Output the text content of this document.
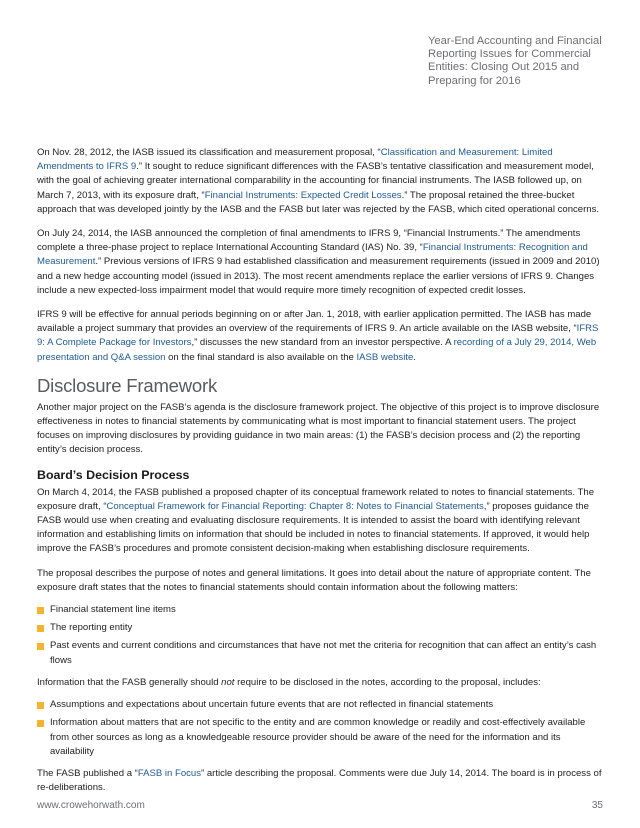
Year-End Accounting and Financial Reporting Issues for Commercial Entities: Closing Out 2015 and Preparing for 2016

On Nov. 28, 2012, the IASB issued its classification and measurement proposal, “Classification and Measurement: Limited Amendments to IFRS 9.” It sought to reduce significant differences with the FASB’s tentative classification and measurement model, with the goal of achieving greater international comparability in the accounting for financial instruments. The IASB followed up, on March 7, 2013, with its exposure draft, “Financial Instruments: Expected Credit Losses.” The proposal retained the three-bucket approach that was developed jointly by the IASB and the FASB but later was rejected by the FASB, which cited operational concerns.

On July 24, 2014, the IASB announced the completion of final amendments to IFRS 9, “Financial Instruments.” The amendments complete a three-phase project to replace International Accounting Standard (IAS) No. 39, “Financial Instruments: Recognition and Measurement.” Previous versions of IFRS 9 had established classification and measurement requirements (issued in 2009 and 2010) and a new hedge accounting model (issued in 2013). The most recent amendments replace the earlier versions of IFRS 9. Changes include a new expected-loss impairment model that would require more timely recognition of expected credit losses.

IFRS 9 will be effective for annual periods beginning on or after Jan. 1, 2018, with earlier application permitted. The IASB has made available a project summary that provides an overview of the requirements of IFRS 9. An article available on the IASB website, “IFRS 9: A Complete Package for Investors,” discusses the new standard from an investor perspective. A recording of a July 29, 2014, Web presentation and Q&A session on the final standard is also available on the IASB website.

Disclosure Framework

Another major project on the FASB’s agenda is the disclosure framework project. The objective of this project is to improve disclosure effectiveness in notes to financial statements by communicating what is most important to financial statement users. The project focuses on improving disclosures by providing guidance in two main areas: (1) the FASB’s decision process and (2) the reporting entity’s decision process.

Board’s Decision Process

On March 4, 2014, the FASB published a proposed chapter of its conceptual framework related to notes to financial statements. The exposure draft, “Conceptual Framework for Financial Reporting: Chapter 8: Notes to Financial Statements,” proposes guidance the FASB would use when creating and evaluating disclosure requirements. It is intended to assist the board with identifying relevant information and establishing limits on information that should be included in notes to financial statements. If approved, it would help improve the FASB’s procedures and promote consistent decision-making when establishing disclosure requirements.

The proposal describes the purpose of notes and general limitations. It goes into detail about the nature of appropriate content. The exposure draft states that the notes to financial statements should contain information about the following matters:

Financial statement line items
The reporting entity
Past events and current conditions and circumstances that have not met the criteria for recognition that can affect an entity’s cash flows

Information that the FASB generally should not require to be disclosed in the notes, according to the proposal, includes:

Assumptions and expectations about uncertain future events that are not reflected in financial statements
Information about matters that are not specific to the entity and are common knowledge or readily and cost-effectively available from other sources as long as a knowledgeable resource provider should be aware of the need for the information and its availability

The FASB published a “FASB in Focus” article describing the proposal. Comments were due July 14, 2014. The board is in process of re-deliberations.

www.crowehorwath.com	35
